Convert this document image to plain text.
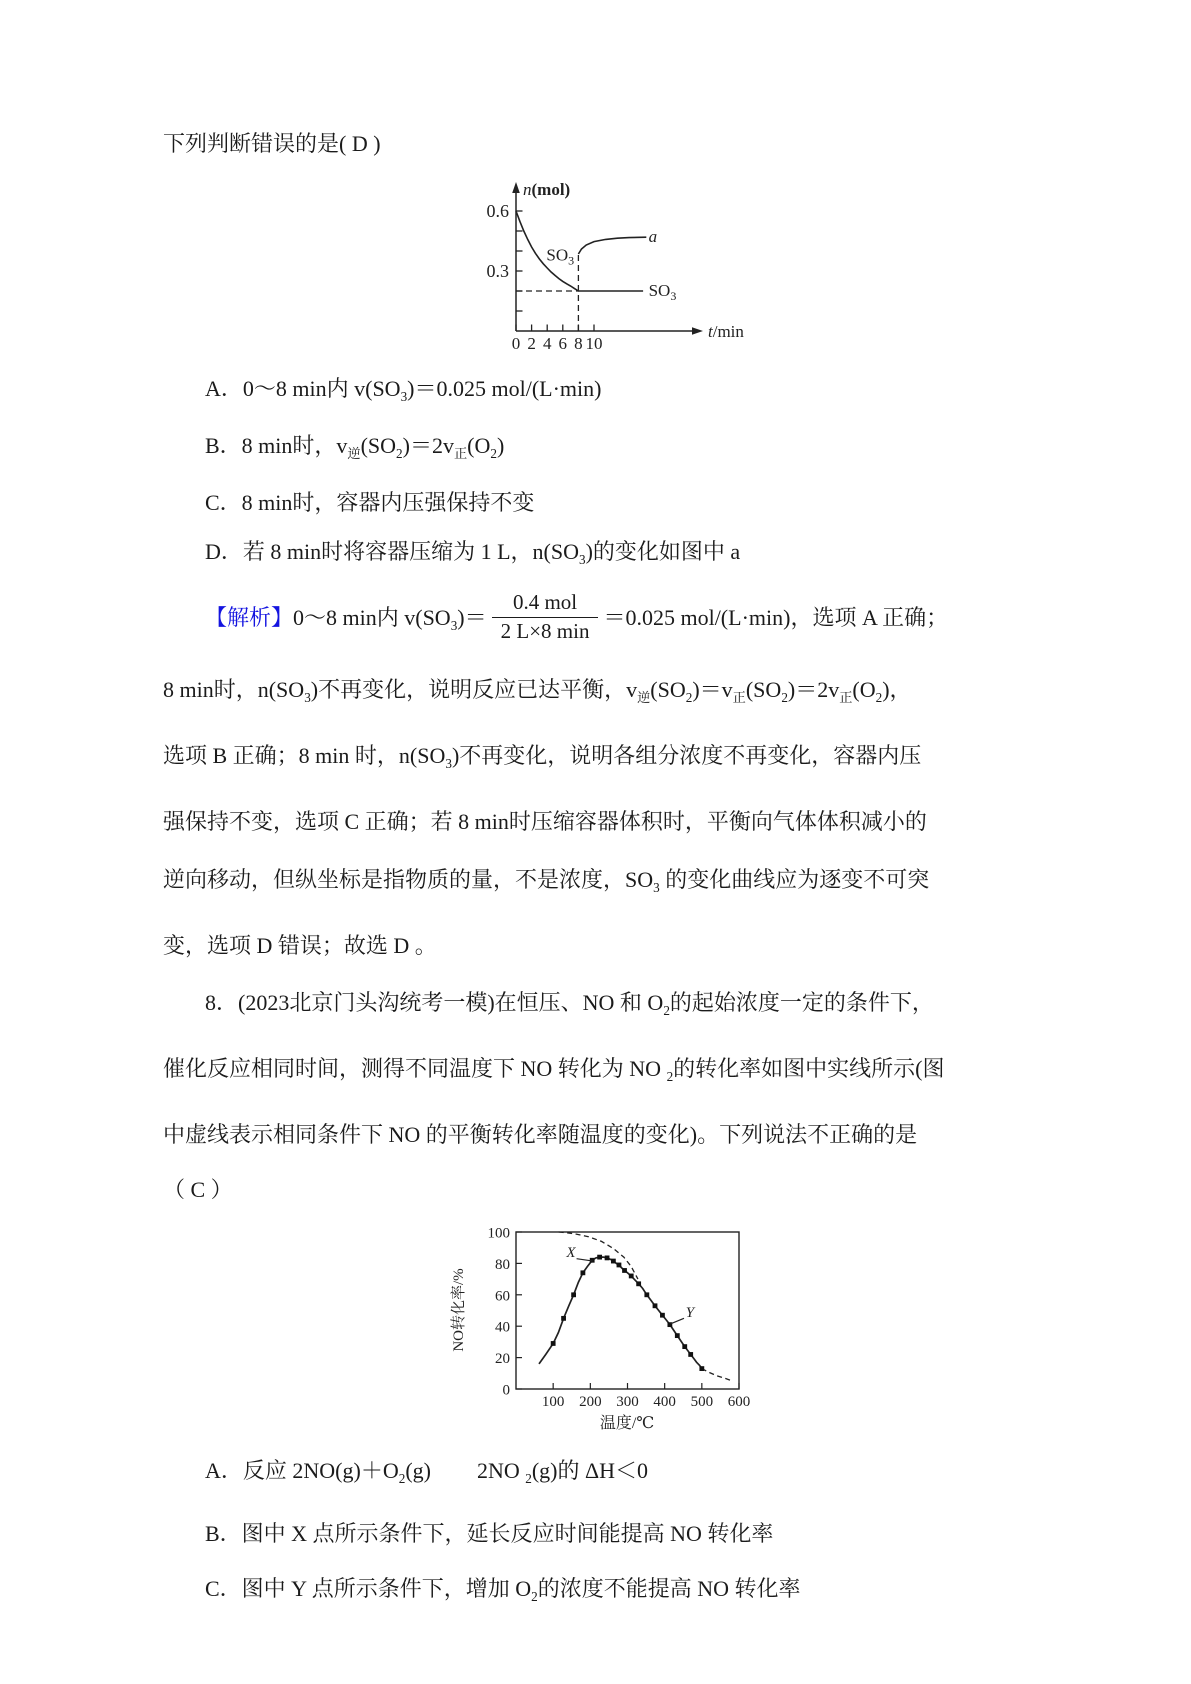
下列判断错误的是( D )
0.3
0.6
0 2 4 6 8 10
n(mol)
t/min
$SO_3$
$SO_3$
a
A．0～8 min内 $v(SO_3)=0.025$ mol/(L·min)
B．8 min时，$v_逆(SO_2)=2v_正(O_2)$
C．8 min时，容器内压强保持不变
D．若 8 min时将容器压缩为 1 L，$n(SO_3)$的变化如图中 a
【解析】0～8 min内 $v(SO_3)= \frac{\text{0.4 mol}}{2 L\times 8 \min} =0.025$ mol/(L·min)，选项 A 正确；
8 min时，$n(SO_3)$不再变化，说明反应已达平衡，$v_逆(SO_2)=v_正(SO_2)=2v_正(O_2)$，
选项 B 正确；8 min 时，$n(SO_3)$不再变化，说明各组分浓度不再变化，容器内压
强保持不变，选项 C 正确；若 8 min时压缩容器体积时，平衡向气体体积减小的
逆向移动，但纵坐标是指物质的量，不是浓度，$SO_3$ 的变化曲线应为逐变不可突
变，选项 D 错误；故选 D 。
8．(2023北京门头沟统考一模)在恒压、NO 和 $O_2$的起始浓度一定的条件下，
催化反应相同时间，测得不同温度下 NO 转化为 NO $_2$的转化率如图中实线所示(图
中虚线表示相同条件下 NO 的平衡转化率随温度的变化)。下列说法不正确的是
（ C ）
0
20
40
60
80
100
100 200 300 400 500 600
NO转化率/%
温度/℃
X
Y
A．反应 $2NO(g)+O_2(g)$ 2NO $_2$(g)的 ΔH＜0
B．图中 X 点所示条件下，延长反应时间能提高 NO 转化率
C．图中 Y 点所示条件下，增加 $O_2$的浓度不能提高 NO 转化率
